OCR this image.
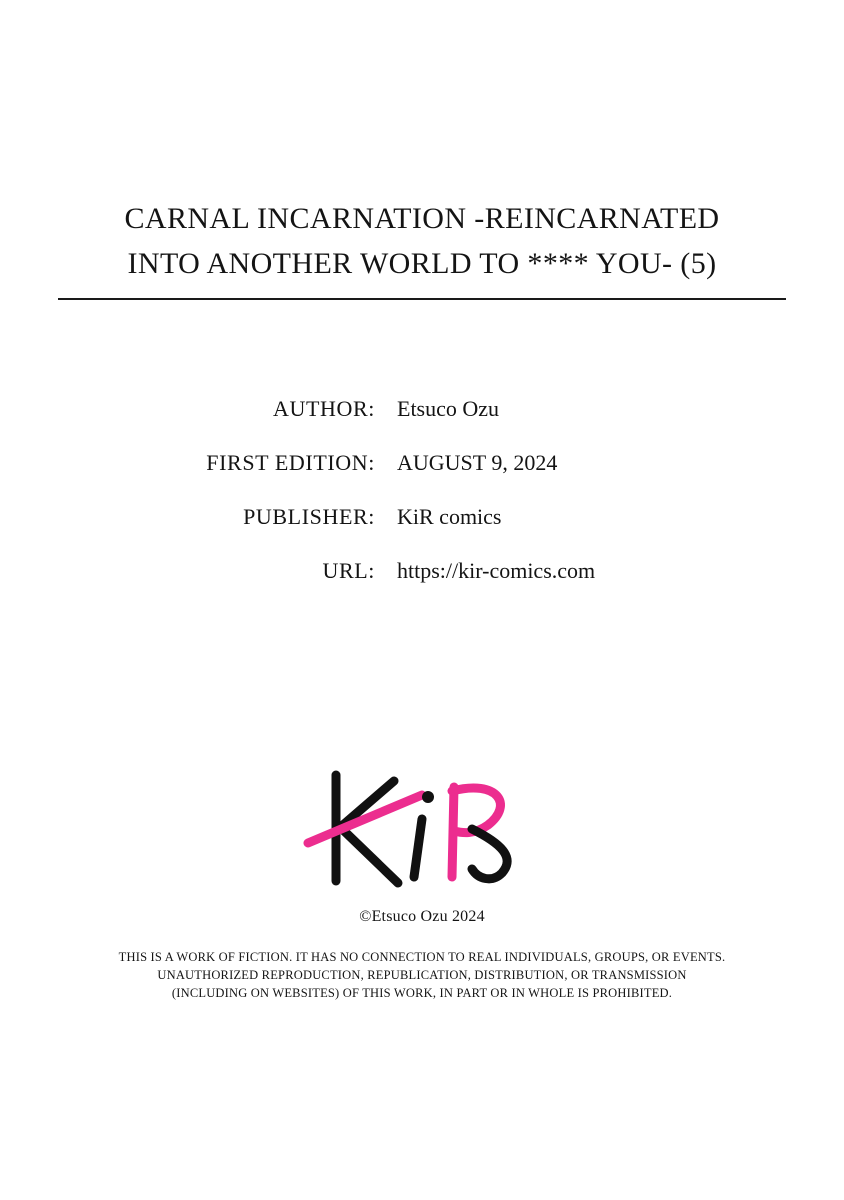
CARNAL INCARNATION -REINCARNATED
INTO ANOTHER WORLD TO **** YOU- (5)
AUTHOR:	Etsuco Ozu
FIRST EDITION:	AUGUST 9, 2024
PUBLISHER:	KiR comics
URL:	https://kir-comics.com
©Etsuco Ozu 2024
THIS IS A WORK OF FICTION. IT HAS NO CONNECTION TO REAL INDIVIDUALS, GROUPS, OR EVENTS.
UNAUTHORIZED REPRODUCTION, REPUBLICATION, DISTRIBUTION, OR TRANSMISSION
(INCLUDING ON WEBSITES) OF THIS WORK, IN PART OR IN WHOLE IS PROHIBITED.
